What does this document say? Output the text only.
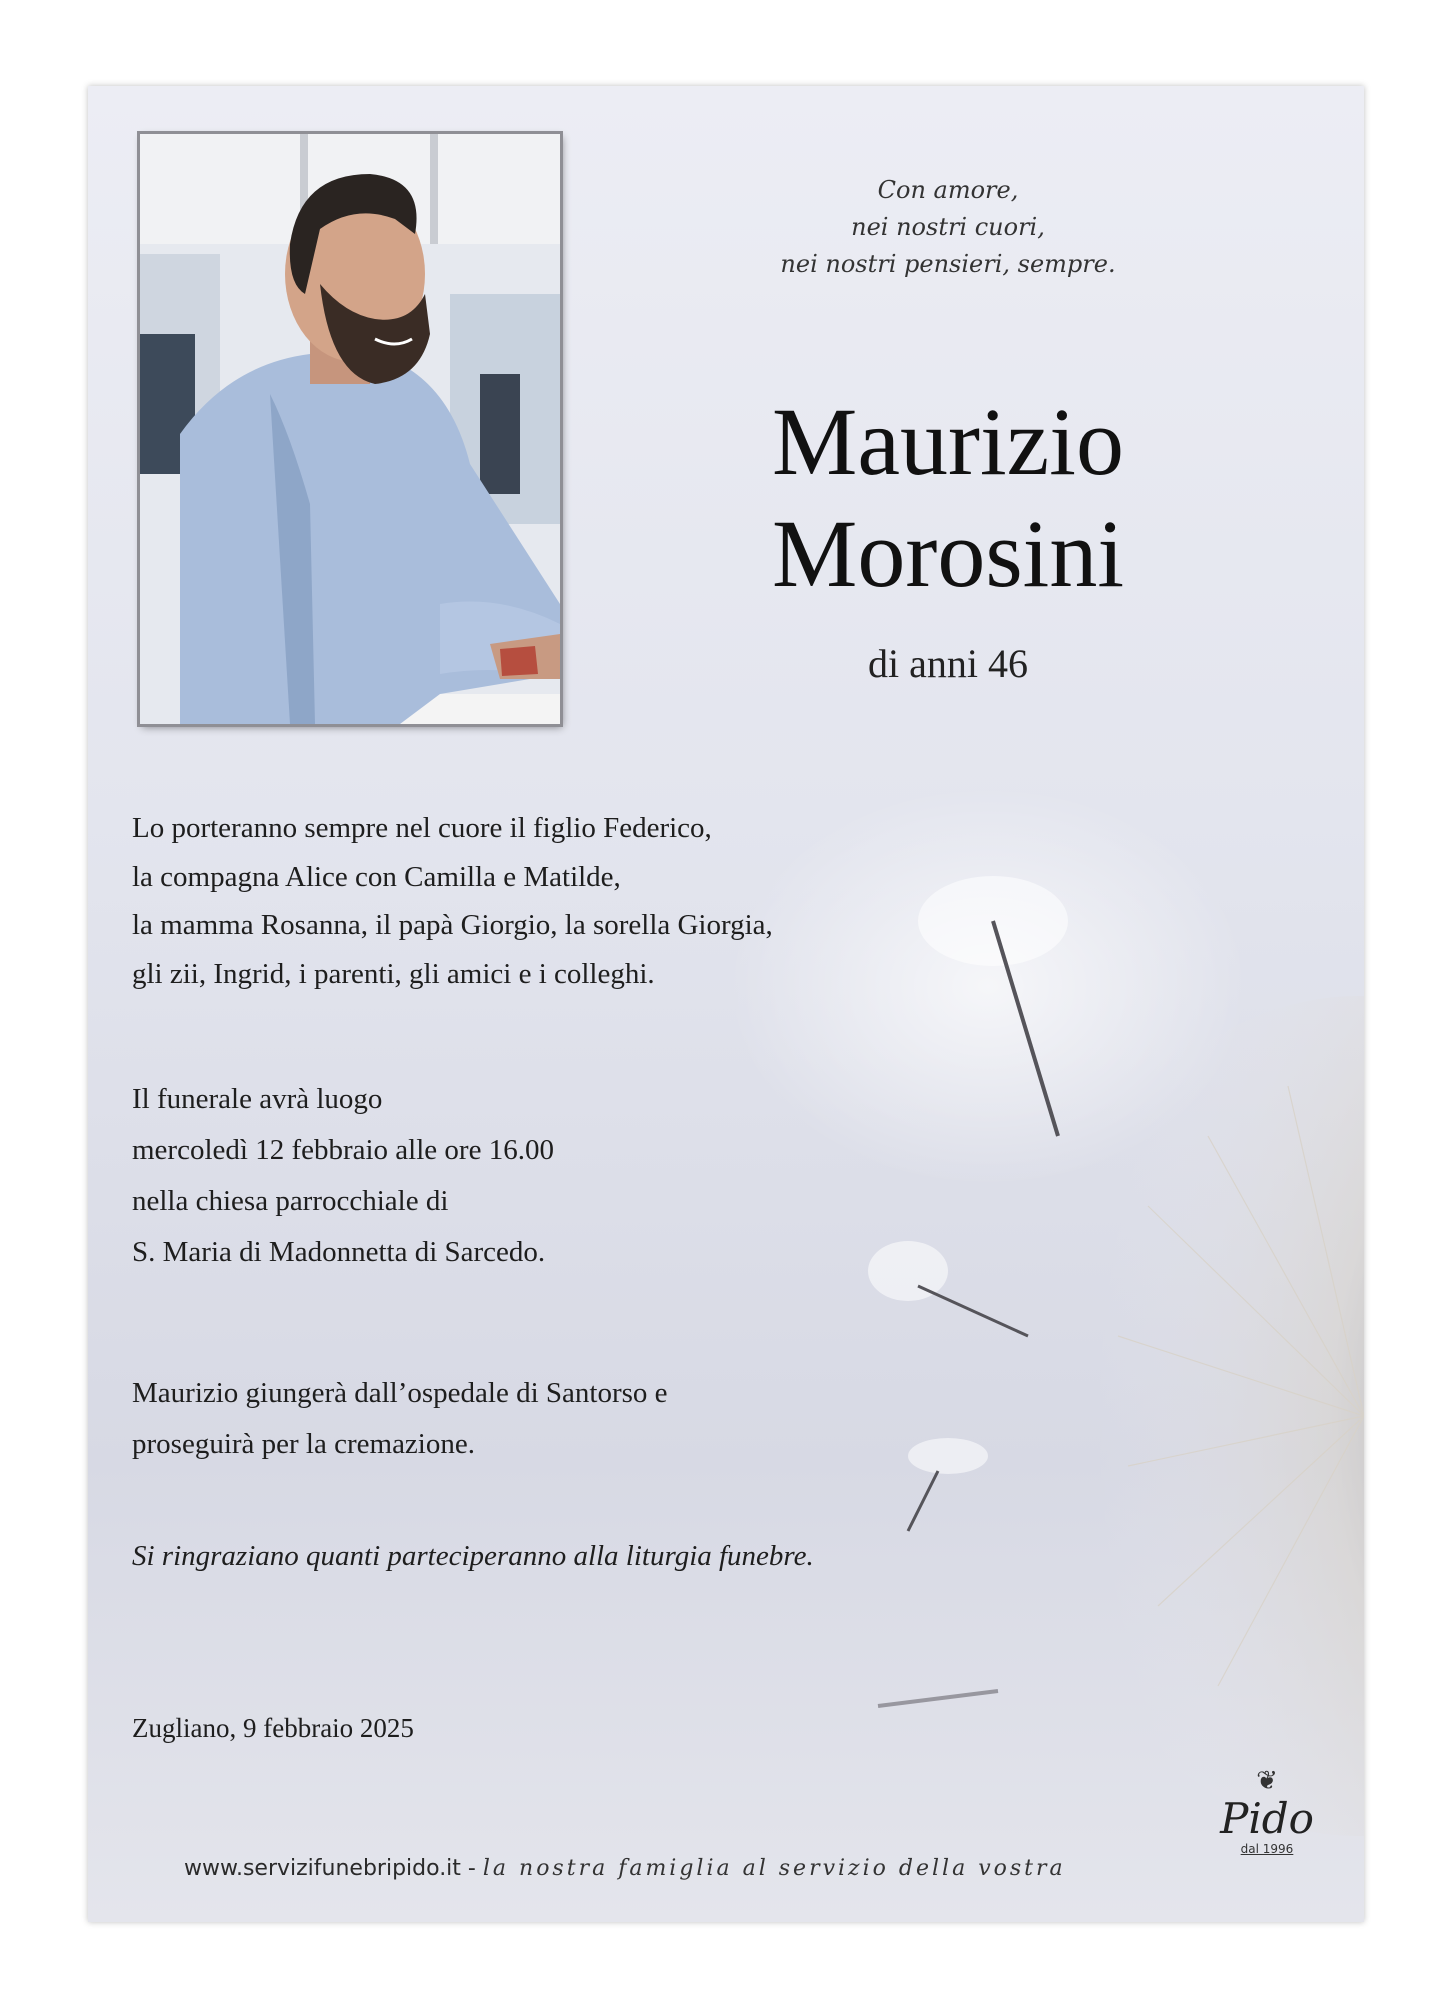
Con amore,
nei nostri cuori,
nei nostri pensieri, sempre.
Maurizio
Morosini
di anni 46
Lo porteranno sempre nel cuore il figlio Federico,
la compagna Alice con Camilla e Matilde,
la mamma Rosanna, il papà Giorgio, la sorella Giorgia,
gli zii, Ingrid, i parenti, gli amici e i colleghi.
Il funerale avrà luogo
mercoledì 12 febbraio alle ore 16.00
nella chiesa parrocchiale di
S. Maria di Madonnetta di Sarcedo.
Maurizio giungerà dall’ospedale di Santorso e
proseguirà per la cremazione.
Si ringraziano quanti parteciperanno alla liturgia funebre.
Zugliano, 9 febbraio 2025
www.servizifunebripido.it - la nostra famiglia al servizio della vostra
❦
Pido
dal 1996
